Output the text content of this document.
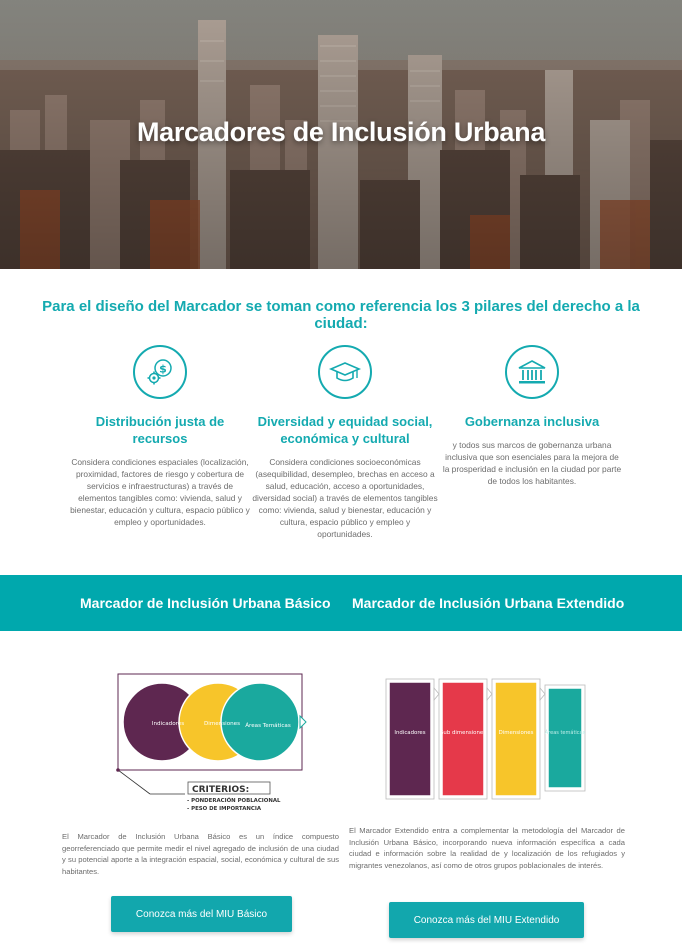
Marcadores de Inclusión Urbana
Para el diseño del Marcador se toman como referencia los 3 pilares del derecho a la ciudad:
$
Distribución justa de recursos

Considera condiciones espaciales (localización, proximidad, factores de riesgo y cobertura de servicios e infraestructuras) a través de elementos tangibles como: vivienda, salud y bienestar, educación y cultura, espacio público y empleo y oportunidades.

Diversidad y equidad social, económica y cultural

Considera condiciones socioeconómicas (asequibilidad, desempleo, brechas en acceso a salud, educación, acceso a oportunidades, diversidad social) a través de elementos tangibles como: vivienda, salud y bienestar, educación y cultura, espacio público y empleo y oportunidades.

Gobernanza inclusiva

y todos sus marcos de gobernanza urbana inclusiva que son esenciales para la mejora de la prosperidad e inclusión en la ciudad por parte de todos los habitantes.

Marcador de Inclusión Urbana Básico Marcador de Inclusión Urbana Extendido
Indicadores	Dimensiones Áreas Temáticas
CRITERIOS:
- PONDERACIÓN POBLACIONAL
- PESO DE IMPORTANCIA
Indicadores	Sub dimensiones Dimensiones Áreas temáticas
El Marcador de Inclusión Urbana Básico es un índice compuesto georreferenciado que permite medir el nivel agregado de inclusión de una ciudad y su potencial aporte a la integración espacial, social, económica y cultural de sus habitantes.
El Marcador Extendido entra a complementar la metodología del Marcador de Inclusión Urbana Básico, incorporando nueva información específica a cada ciudad e información sobre la realidad de y localización de los refugiados y migrantes venezolanos, así como de otros grupos poblacionales de interés.
Conozca más del MIU Básico
Conozca más del MIU Extendido
